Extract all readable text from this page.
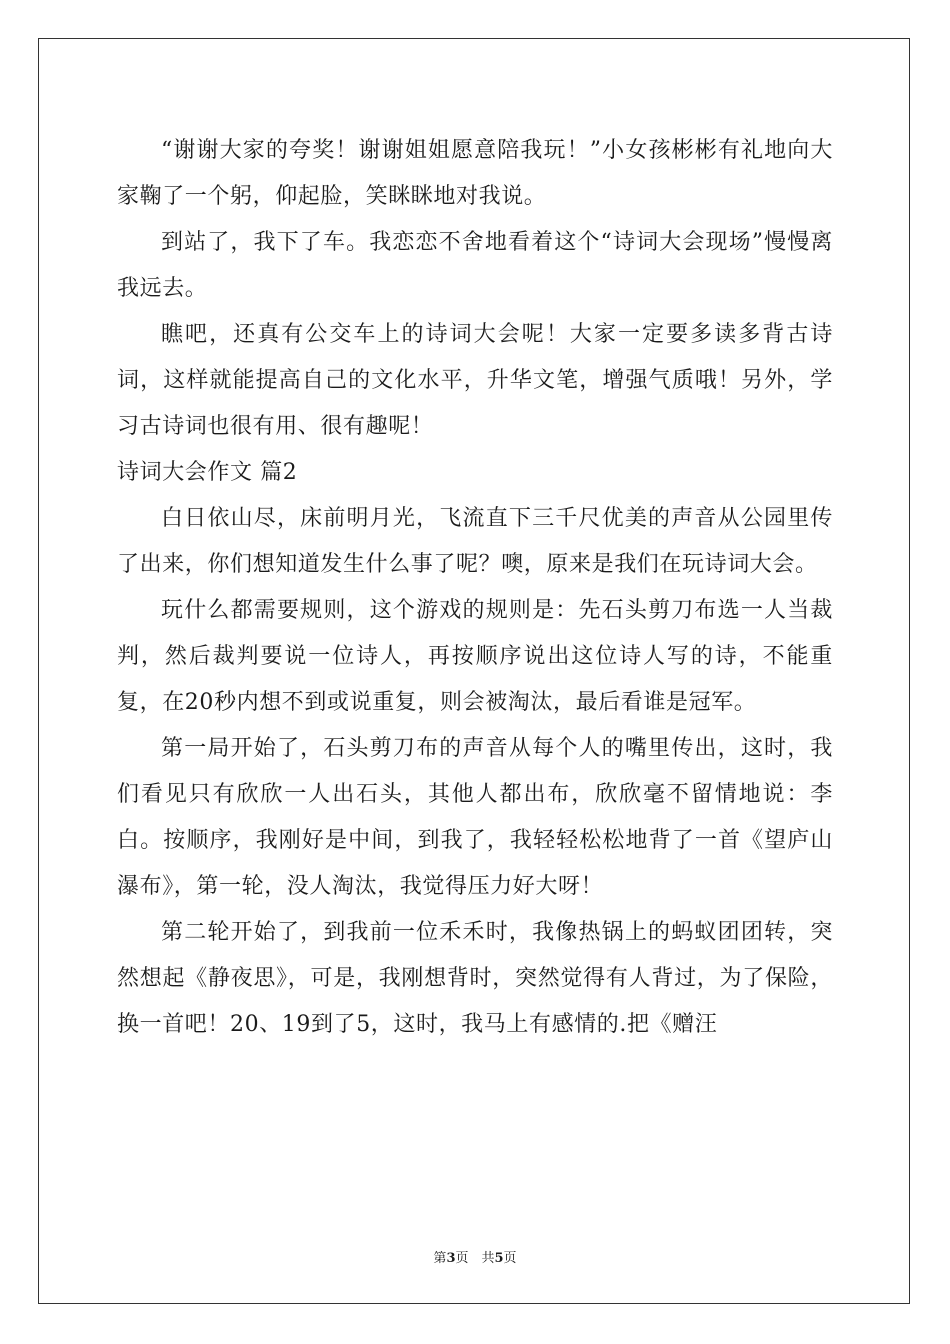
“谢谢大家的夸奖！谢谢姐姐愿意陪我玩！”小女孩彬彬有礼地向大家鞠了一个躬，仰起脸，笑眯眯地对我说。

到站了，我下了车。我恋恋不舍地看着这个“诗词大会现场”慢慢离我远去。

瞧吧，还真有公交车上的诗词大会呢！大家一定要多读多背古诗词，这样就能提高自己的文化水平，升华文笔，增强气质哦！另外，学习古诗词也很有用、很有趣呢！

诗词大会作文 篇2

白日依山尽，床前明月光，飞流直下三千尺优美的声音从公园里传了出来，你们想知道发生什么事了呢？噢，原来是我们在玩诗词大会。

玩什么都需要规则，这个游戏的规则是：先石头剪刀布选一人当裁判，然后裁判要说一位诗人，再按顺序说出这位诗人写的诗，不能重复，在20秒内想不到或说重复，则会被淘汰，最后看谁是冠军。

第一局开始了，石头剪刀布的声音从每个人的嘴里传出，这时，我们看见只有欣欣一人出石头，其他人都出布，欣欣毫不留情地说：李白。按顺序，我刚好是中间，到我了，我轻轻松松地背了一首《望庐山瀑布》，第一轮，没人淘汰，我觉得压力好大呀！

第二轮开始了，到我前一位禾禾时，我像热锅上的蚂蚁团团转，突然想起《静夜思》，可是，我刚想背时，突然觉得有人背过，为了保险，换一首吧！20、19到了5，这时，我马上有感情的.把《赠汪

第3页　共5页
